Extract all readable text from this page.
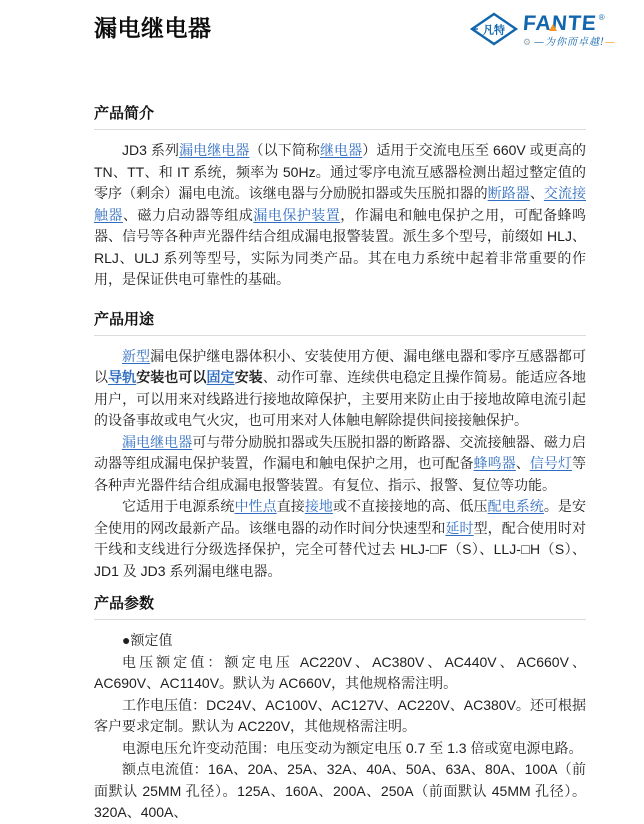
漏电继电器	凡特 FANTE ®
⚙ —为你而卓越!—
产品简介

JD3 系列漏电继电器（以下简称继电器）适用于交流电压至 660V 或更高的 TN、TT、和 IT 系统，频率为 50Hz。通过零序电流互感器检测出超过整定值的零序（剩余）漏电电流。该继电器与分励脱扣器或失压脱扣器的断路器、交流接触器、磁力启动器等组成漏电保护装置，作漏电和触电保护之用，可配备蜂鸣器、信号等各种声光器件结合组成漏电报警装置。派生多个型号，前缀如 HLJ、RLJ、ULJ 系列等型号，实际为同类产品。其在电力系统中起着非常重要的作用，是保证供电可靠性的基础。

产品用途

新型漏电保护继电器体积小、安装使用方便、漏电继电器和零序互感器都可以导轨安装也可以固定安装、动作可靠、连续供电稳定且操作简易。能适应各地用户，可以用来对线路进行接地故障保护，主要用来防止由于接地故障电流引起的设备事故或电气火灾，也可用来对人体触电解除提供间接接触保护。

漏电继电器可与带分励脱扣器或失压脱扣器的断路器、交流接触器、磁力启动器等组成漏电保护装置，作漏电和触电保护之用，也可配备蜂鸣器、信号灯等各种声光器件结合组成漏电报警装置。有复位、指示、报警、复位等功能。

它适用于电源系统中性点直接接地或不直接接地的高、低压配电系统。是安全使用的网改最新产品。该继电器的动作时间分快速型和延时型，配合使用时对干线和支线进行分级选择保护，完全可替代过去 HLJ-□F（S）、LLJ-□H（S）、JD1 及 JD3 系列漏电继电器。

产品参数

●额定值

电压额定值：额定电压 AC220V、AC380V、AC440V、AC660V、AC690V、AC1140V。默认为 AC660V，其他规格需注明。

工作电压值：DC24V、AC100V、AC127V、AC220V、AC380V。还可根据客户要求定制。默认为 AC220V，其他规格需注明。

电源电压允许变动范围：电压变动为额定电压 0.7 至 1.3 倍或宽电源电路。

额点电流值：16A、20A、25A、32A、40A、50A、63A、80A、100A（前面默认 25MM 孔径）。125A、160A、200A、250A（前面默认 45MM 孔径）。320A、400A、
